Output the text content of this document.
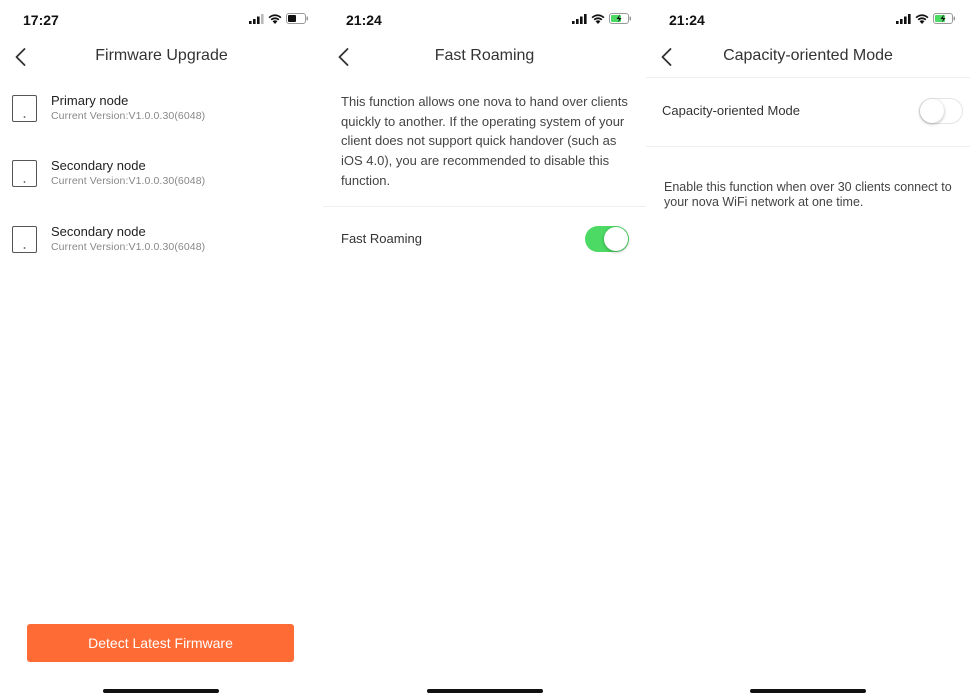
17:27
Firmware Upgrade
Primary node
Current Version:V1.0.0.30(6048)
Secondary node
Current Version:V1.0.0.30(6048)
Secondary node
Current Version:V1.0.0.30(6048)
Detect Latest Firmware
21:24
Fast Roaming
This function allows one nova to hand over clients quickly to another. If the operating system of your client does not support quick handover (such as iOS 4.0), you are recommended to disable this function.
Fast Roaming
21:24
Capacity-oriented Mode
Capacity-oriented Mode
Enable this function when over 30 clients connect to your nova WiFi network at one time.
